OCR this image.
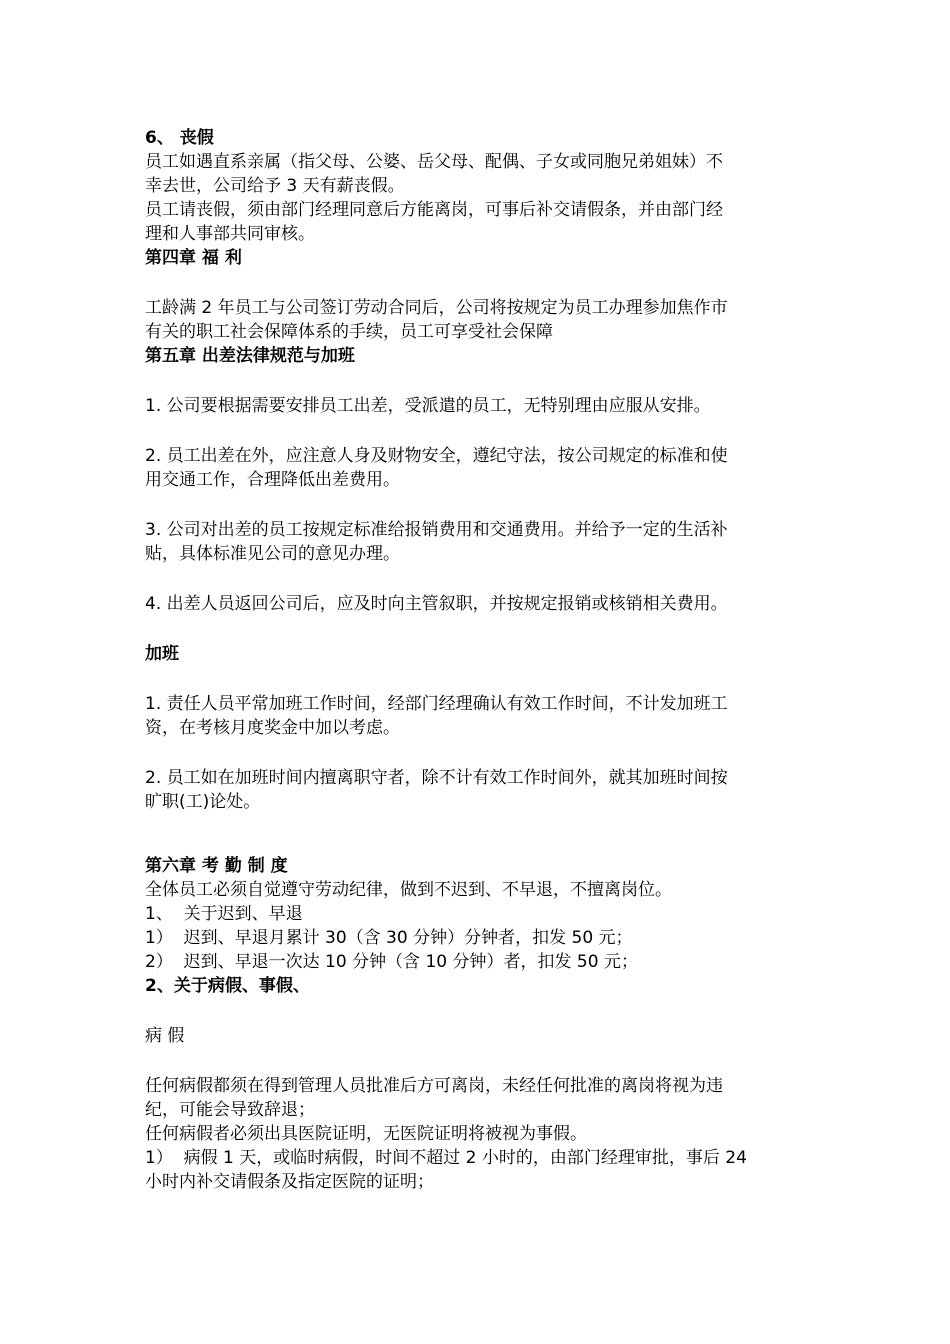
6、 丧假
员工如遇直系亲属（指父母、公婆、岳父母、配偶、子女或同胞兄弟姐妹）不
幸去世，公司给予 3 天有薪丧假。
员工请丧假，须由部门经理同意后方能离岗，可事后补交请假条，并由部门经
理和人事部共同审核。
第四章 福 利
工龄满 2 年员工与公司签订劳动合同后，公司将按规定为员工办理参加焦作市
有关的职工社会保障体系的手续，员工可享受社会保障
第五章 出差法律规范与加班
1. 公司要根据需要安排员工出差，受派遣的员工，无特别理由应服从安排。
2. 员工出差在外，应注意人身及财物安全，遵纪守法，按公司规定的标准和使
用交通工作，合理降低出差费用。
3. 公司对出差的员工按规定标准给报销费用和交通费用。并给予一定的生活补
贴，具体标准见公司的意见办理。
4. 出差人员返回公司后，应及时向主管叙职，并按规定报销或核销相关费用。
加班
1. 责任人员平常加班工作时间，经部门经理确认有效工作时间，不计发加班工
资，在考核月度奖金中加以考虑。
2. 员工如在加班时间内擅离职守者，除不计有效工作时间外，就其加班时间按
旷职(工)论处。
第六章 考 勤 制 度
全体员工必须自觉遵守劳动纪律，做到不迟到、不早退，不擅离岗位。
1、  关于迟到、早退
1）  迟到、早退月累计 30（含 30 分钟）分钟者，扣发 50 元；
2）  迟到、早退一次达 10 分钟（含 10 分钟）者，扣发 50 元；
2、关于病假、事假、
病 假
任何病假都须在得到管理人员批准后方可离岗，未经任何批准的离岗将视为违
纪，可能会导致辞退；
任何病假者必须出具医院证明，无医院证明将被视为事假。
1）  病假 1 天，或临时病假，时间不超过 2 小时的，由部门经理审批，事后 24
小时内补交请假条及指定医院的证明；
